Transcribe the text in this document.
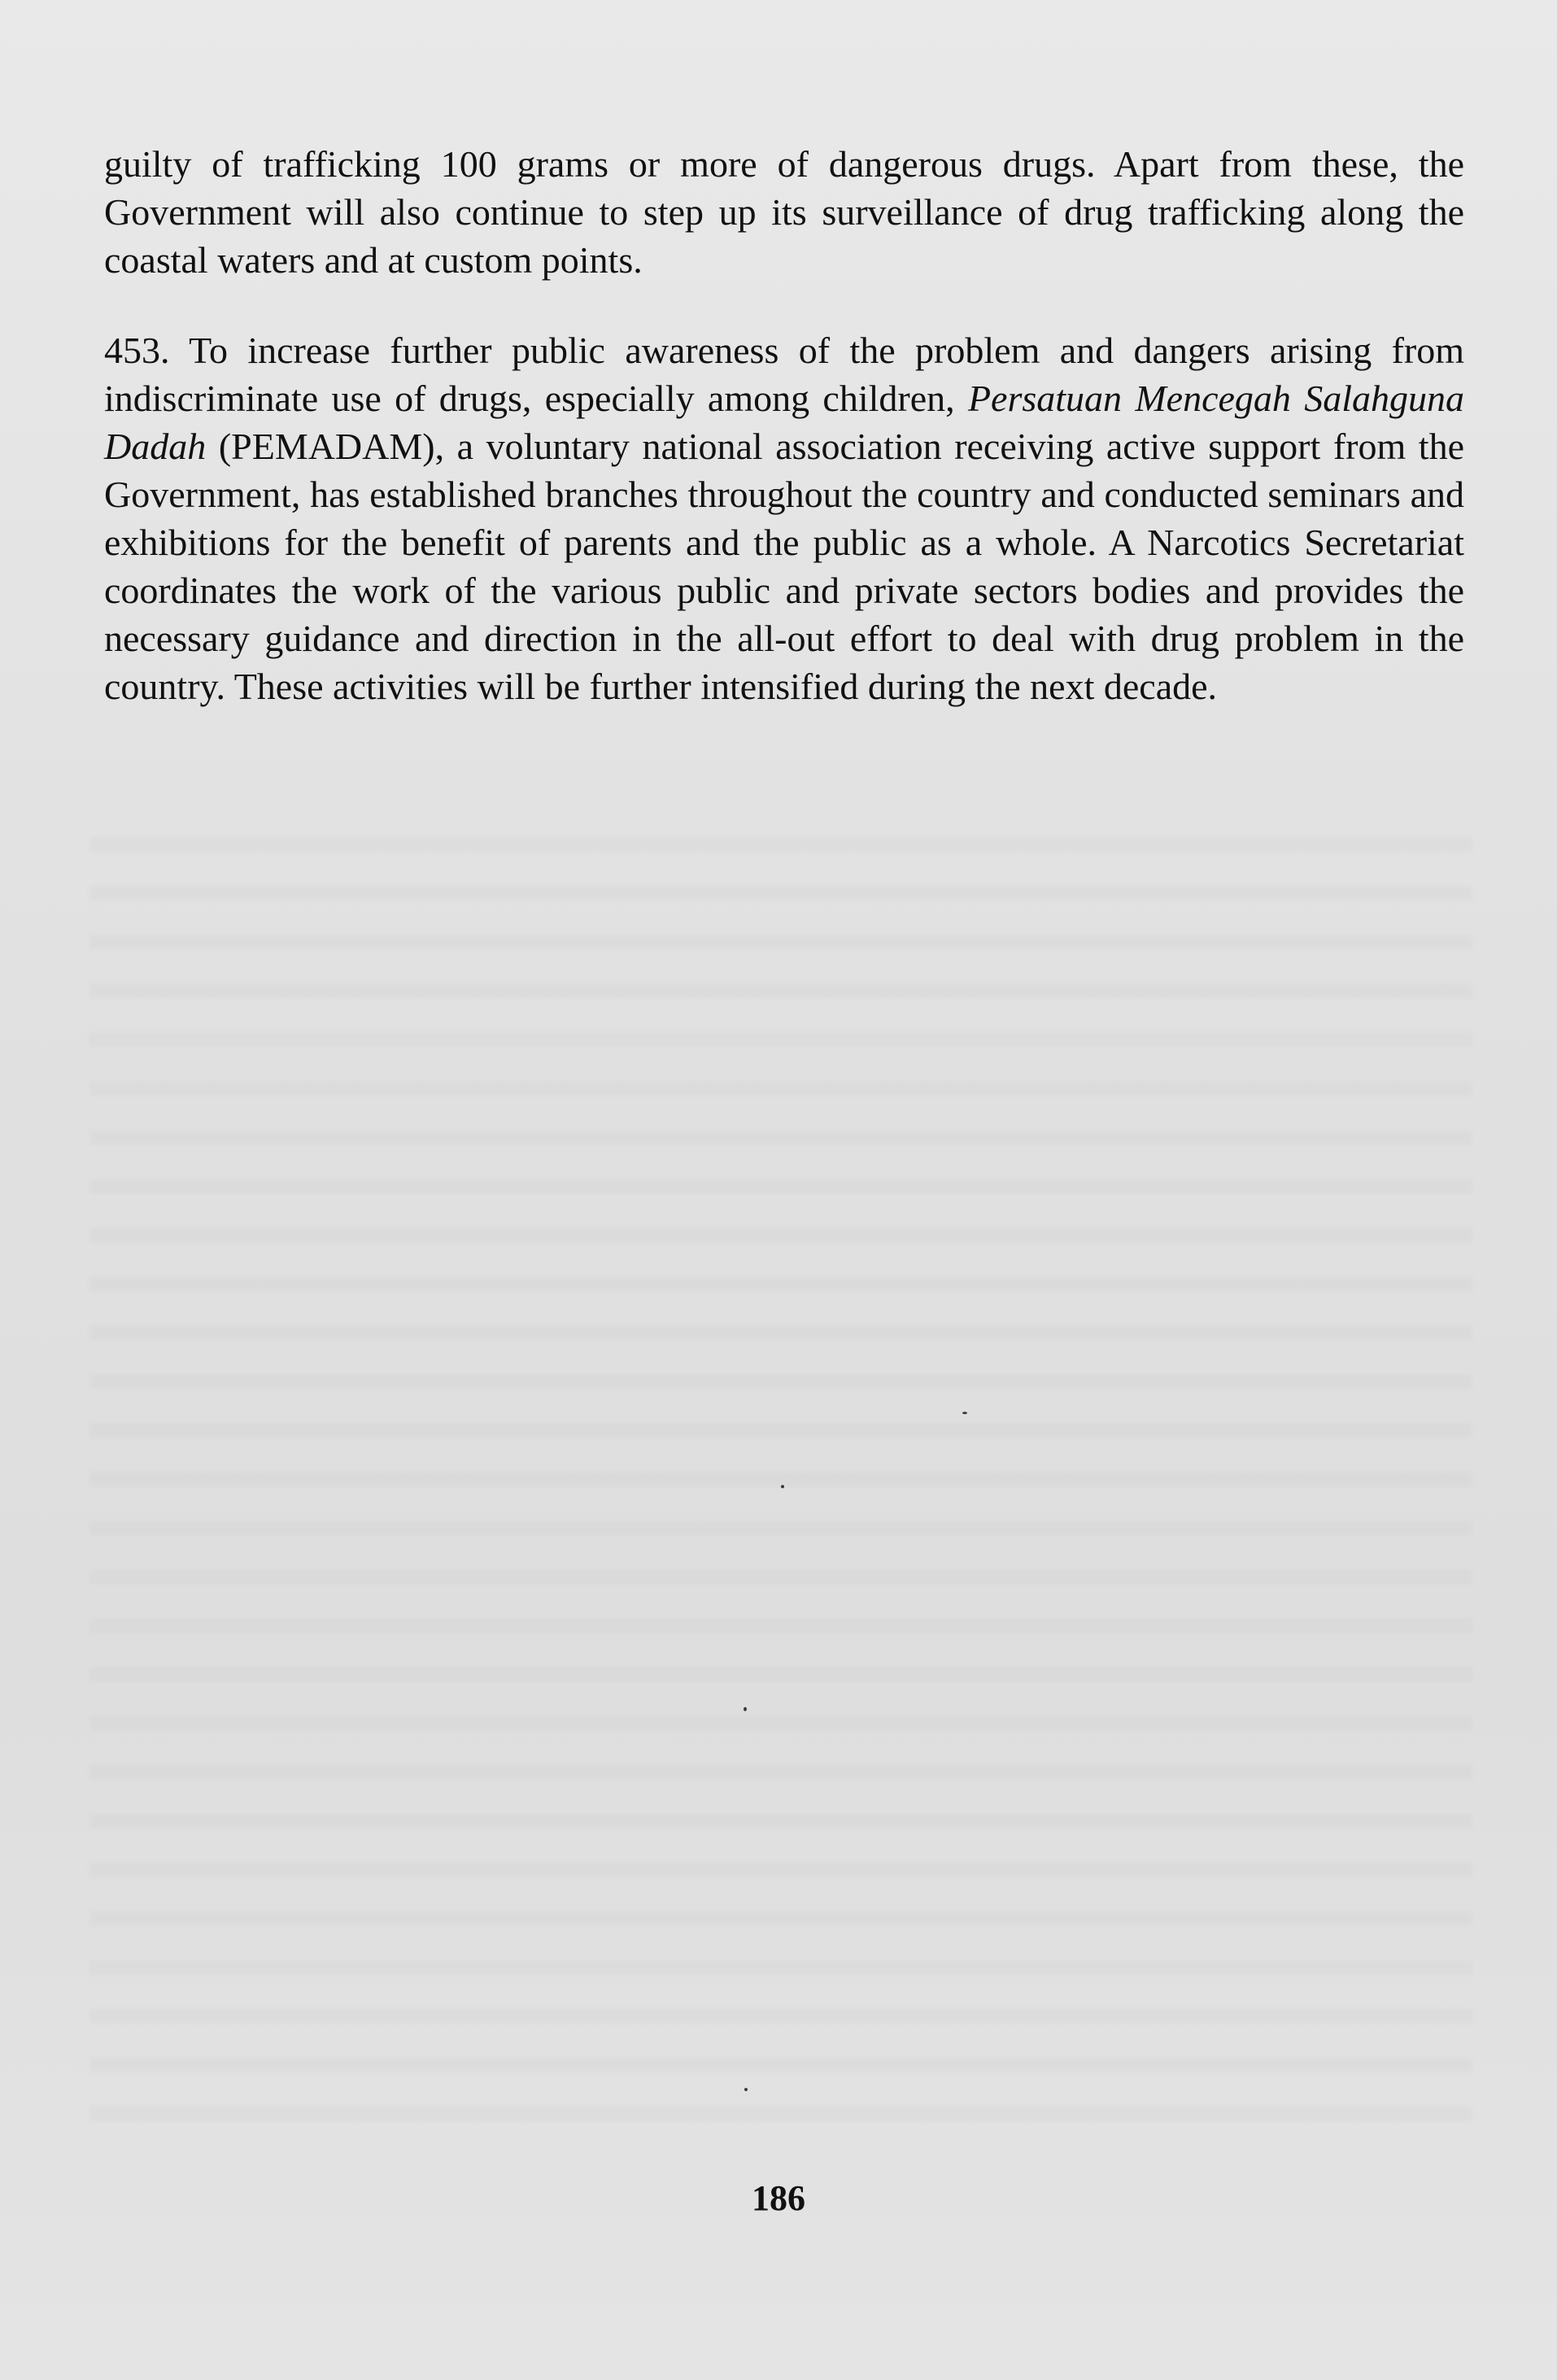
guilty of trafficking 100 grams or more of dangerous drugs. Apart from these, the Government will also continue to step up its surveillance of drug trafficking along the coastal waters and at custom points.

453. To increase further public awareness of the problem and dangers arising from indiscriminate use of drugs, especially among children, Persatuan Mencegah Salahguna Dadah (PEMADAM), a voluntary national association receiving active support from the Government, has established branches throughout the country and conducted seminars and exhibitions for the benefit of parents and the public as a whole. A Narcotics Secretariat coordinates the work of the various public and private sectors bodies and provides the necessary guidance and direction in the all-out effort to deal with drug problem in the country. These activities will be further intensified during the next decade.

186
